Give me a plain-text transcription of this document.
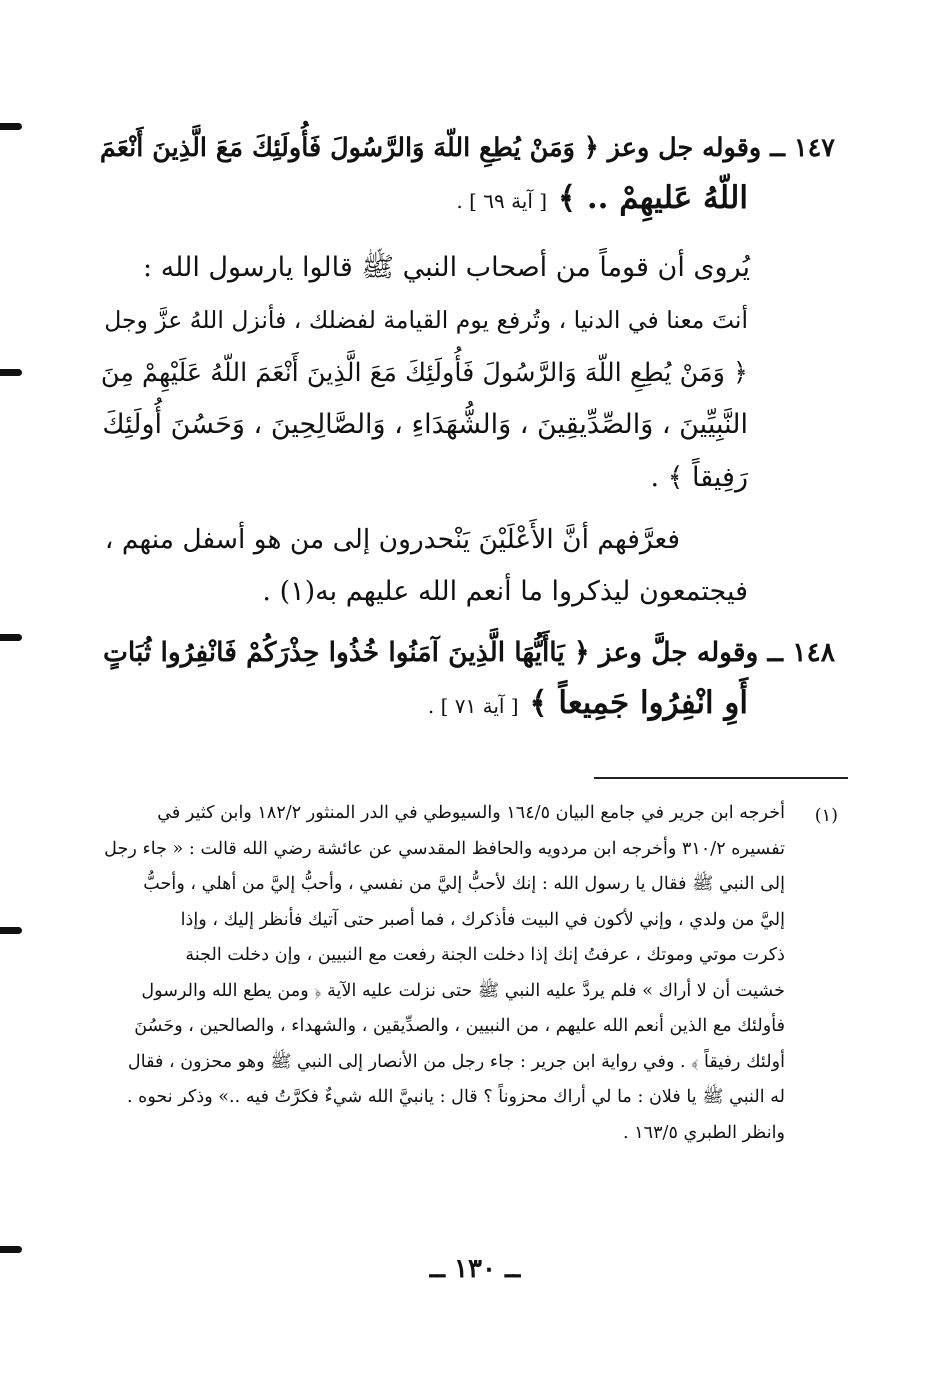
١٤٧ ــ وقوله جل وعز ﴿ وَمَنْ يُطِعِ اللّهَ وَالرَّسُولَ فَأُولَئِكَ مَعَ الَّذِينَ أَنْعَمَ
اللّهُ عَليهِمْ .. ﴾ [ آية ٦٩ ] .
يُروى أن قوماً من أصحاب النبي ﷺ قالوا يارسول الله :
أنتَ معنا في الدنيا ، وتُرفع يوم القيامة لفضلك ، فأنزل اللهُ عزَّ وجل
﴿ وَمَنْ يُطِعِ اللّهَ وَالرَّسُولَ فَأُولَئِكَ مَعَ الَّذِينَ أَنْعَمَ اللّهُ عَلَيْهِمْ مِنَ
النَّبِيِّينَ ، وَالصِّدِّيقِينَ ، وَالشُّهَدَاءِ ، وَالصَّالِحِينَ ، وَحَسُنَ أُولَئِكَ
رَفِيقاً ﴾ .
فعرَّفهم أنَّ الأَعْلَيْنَ يَنْحدرون إلى من هو أسفل منهم ،
فيجتمعون ليذكروا ما أنعم الله عليهم به(١) .
١٤٨ ــ وقوله جلَّ وعز ﴿ يَاأَيُّهَا الَّذِينَ آمَنُوا خُذُوا حِذْرَكُمْ فَانْفِرُوا ثُبَاتٍ
أَوِ انْفِرُوا جَمِيعاً ﴾ [ آية ٧١ ] .
(١)
أخرجه ابن جرير في جامع البيان ١٦٤/٥ والسيوطي في الدر المنثور ١٨٢/٢ وابن كثير في
تفسيره ٣١٠/٢ وأخرجه ابن مردويه والحافظ المقدسي عن عائشة رضي الله قالت : « جاء رجل
إلى النبي ﷺ فقال يا رسول الله : إنك لأحبُّ إليَّ من نفسي ، وأحبُّ إليَّ من أهلي ، وأحبُّ
إليَّ من ولدي ، وإني لأكون في البيت فأذكرك ، فما أصبر حتى آتيك فأنظر إليك ، وإذا
ذكرت موتي وموتك ، عرفتُ إنك إذا دخلت الجنة رفعت مع النبيين ، وإن دخلت الجنة
خشيت أن لا أراك » فلم يردَّ عليه النبي ﷺ حتى نزلت عليه الآية ﴿ ومن يطع الله والرسول
فأولئك مع الذين أنعم الله عليهم ، من النبيين ، والصدِّيقين ، والشهداء ، والصالحين ، وحَسُنَ
أولئك رفيقاً ﴾ . وفي رواية ابن جرير : جاء رجل من الأنصار إلى النبي ﷺ وهو محزون ، فقال
له النبي ﷺ يا فلان : ما لي أراك محزوناً ؟ قال : يانبيَّ الله شيءٌ فكرَّتُ فيه ..» وذكر نحوه .
وانظر الطبري ١٦٣/٥ .
ــ ١٣٠ ــ
